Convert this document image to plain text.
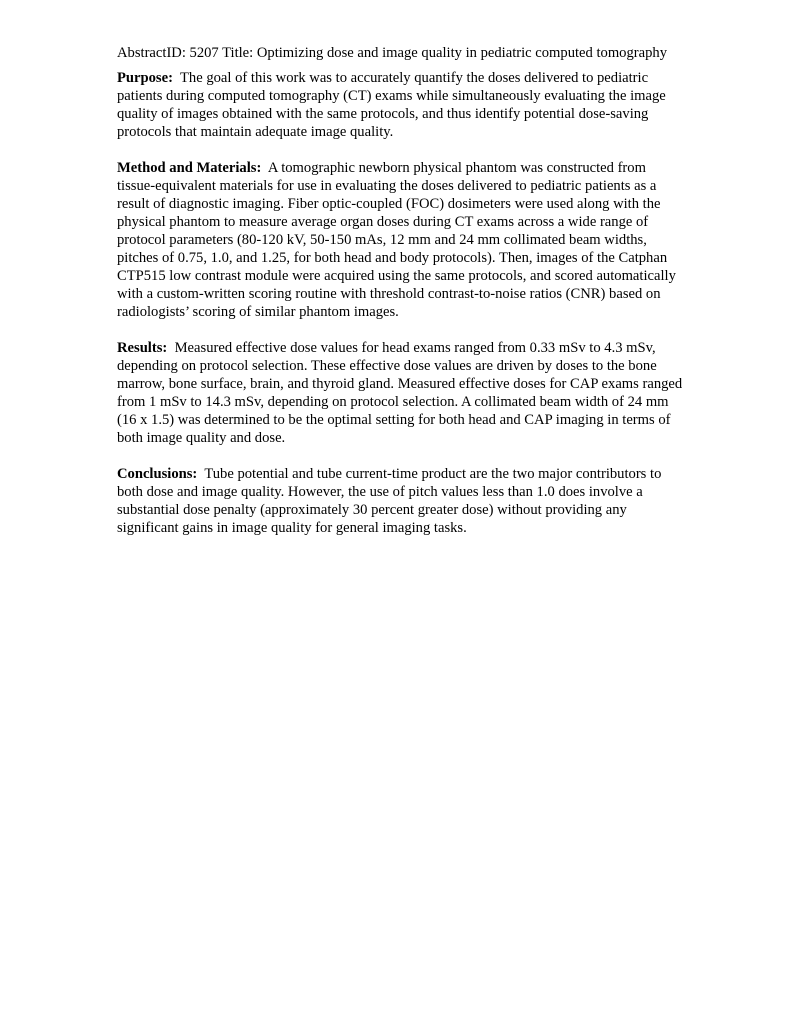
AbstractID: 5207 Title: Optimizing dose and image quality in pediatric computed tomography

Purpose: The goal of this work was to accurately quantify the doses delivered to pediatric patients during computed tomography (CT) exams while simultaneously evaluating the image quality of images obtained with the same protocols, and thus identify potential dose-saving protocols that maintain adequate image quality.

Method and Materials: A tomographic newborn physical phantom was constructed from tissue-equivalent materials for use in evaluating the doses delivered to pediatric patients as a result of diagnostic imaging. Fiber optic-coupled (FOC) dosimeters were used along with the physical phantom to measure average organ doses during CT exams across a wide range of protocol parameters (80-120 kV, 50-150 mAs, 12 mm and 24 mm collimated beam widths, pitches of 0.75, 1.0, and 1.25, for both head and body protocols). Then, images of the Catphan CTP515 low contrast module were acquired using the same protocols, and scored automatically with a custom-written scoring routine with threshold contrast-to-noise ratios (CNR) based on radiologists’ scoring of similar phantom images.

Results: Measured effective dose values for head exams ranged from 0.33 mSv to 4.3 mSv, depending on protocol selection. These effective dose values are driven by doses to the bone marrow, bone surface, brain, and thyroid gland. Measured effective doses for CAP exams ranged from 1 mSv to 14.3 mSv, depending on protocol selection. A collimated beam width of 24 mm (16 x 1.5) was determined to be the optimal setting for both head and CAP imaging in terms of both image quality and dose.

Conclusions: Tube potential and tube current-time product are the two major contributors to both dose and image quality. However, the use of pitch values less than 1.0 does involve a substantial dose penalty (approximately 30 percent greater dose) without providing any significant gains in image quality for general imaging tasks.
